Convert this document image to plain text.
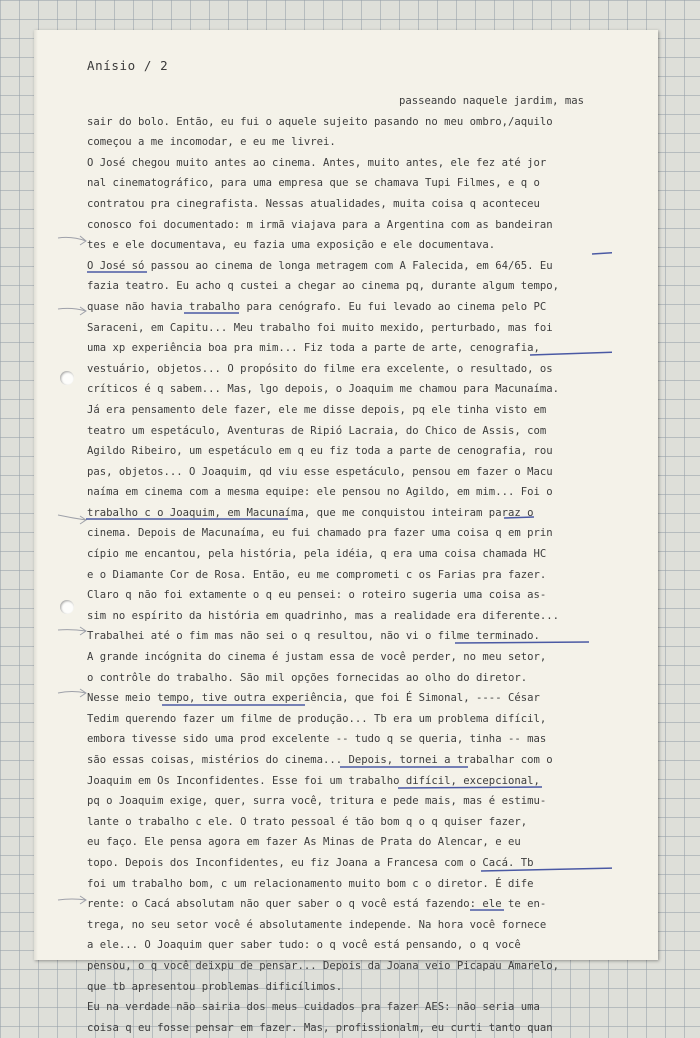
Anísio / 2
passeando naquele jardim, mas
sair do bolo. Então, eu fui o aquele sujeito pasando no meu ombro,/aquilo
começou a me incomodar, e eu me livrei.
O José chegou muito antes ao cinema. Antes, muito antes, ele fez até jor
nal cinematográfico, para uma empresa que se chamava Tupi Filmes, e q o
contratou pra cinegrafista. Nessas atualidades, muita coisa q aconteceu
conosco foi documentado: m irmã viajava para a Argentina com as bandeiran
tes e ele documentava, eu fazia uma exposição e ele documentava.
O José só passou ao cinema de longa metragem com A Falecida, em 64/65. Eu
fazia teatro. Eu acho q custei a chegar ao cinema pq, durante algum tempo,
quase não havia trabalho para cenógrafo. Eu fui levado ao cinema pelo PC
Saraceni, em Capitu... Meu trabalho foi muito mexido, perturbado, mas foi
uma xp experiência boa pra mim... Fiz toda a parte de arte, cenografia,
vestuário, objetos... O propósito do filme era excelente, o resultado, os
críticos é q sabem... Mas, lgo depois, o Joaquim me chamou para Macunaíma.
Já era pensamento dele fazer, ele me disse depois, pq ele tinha visto em
teatro um espetáculo, Aventuras de Ripió Lacraia, do Chico de Assis, com
Agildo Ribeiro, um espetáculo em q eu fiz toda a parte de cenografia, rou
pas, objetos... O Joaquim, qd viu esse espetáculo, pensou em fazer o Macu
naíma em cinema com a mesma equipe: ele pensou no Agildo, em mim... Foi o
trabalho c o Joaquim, em Macunaíma, que me conquistou inteiram paraz o
cinema. Depois de Macunaíma, eu fui chamado pra fazer uma coisa q em prin
cípio me encantou, pela história, pela idéia, q era uma coisa chamada HC
e o Diamante Cor de Rosa. Então, eu me comprometi c os Farias pra fazer.
Claro q não foi extamente o q eu pensei: o roteiro sugeria uma coisa as-
sim no espírito da história em quadrinho, mas a realidade era diferente...
Trabalhei até o fim mas não sei o q resultou, não vi o filme terminado.
A grande incógnita do cinema é justam essa de você perder, no meu setor,
o contrôle do trabalho. São mil opções fornecidas ao olho do diretor.
Nesse meio tempo, tive outra experiência, que foi É Simonal, ---- César
Tedim querendo fazer um filme de produção... Tb era um problema difícil,
embora tivesse sido uma prod excelente -- tudo q se queria, tinha -- mas
são essas coisas, mistérios do cinema... Depois, tornei a trabalhar com o
Joaquim em Os Inconfidentes. Esse foi um trabalho difícil, excepcional,
pq o Joaquim exige, quer, surra você, tritura e pede mais, mas é estimu-
lante o trabalho c ele. O trato pessoal é tão bom q o q quiser fazer,
eu faço. Ele pensa agora em fazer As Minas de Prata do Alencar, e eu
topo. Depois dos Inconfidentes, eu fiz Joana a Francesa com o Cacá. Tb
foi um trabalho bom, c um relacionamento muito bom c o diretor. É dife
rente: o Cacá absolutam não quer saber o q você está fazendo: ele te en-
trega, no seu setor você é absolutamente independe. Na hora você fornece
a ele... O Joaquim quer saber tudo: o q você está pensando, o q você
pensou, o q você deixpu de pensar... Depois da Joana veio Picapau Amarelo,
que tb apresentou problemas dificílimos.
Eu na verdade não sairia dos meus cuidados pra fazer AES: não seria uma
coisa q eu fosse pensar em fazer. Mas, profissionalm, eu curti tanto quan
